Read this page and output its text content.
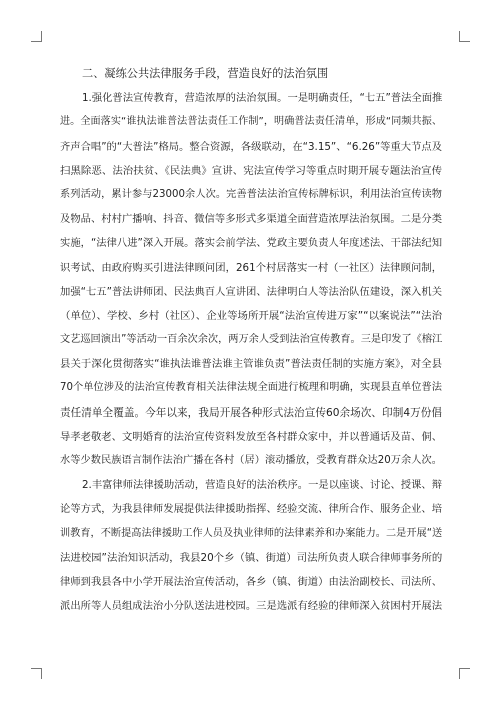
二、凝练公共法律服务手段，营造良好的法治氛围
1.强化普法宣传教育，营造浓厚的法治氛围。一是明确责任，“七五”普法全面推
进。全面落实“谁执法谁普法普法责任工作制”，明确普法责任清单，形成“同频共振、
齐声合唱”的“大普法”格局。整合资源，各级联动，在“3.15”、“6.26”等重大节点及
扫黑除恶、法治扶贫、《民法典》宣讲、宪法宣传学习等重点时期开展专题法治宣传
系列活动，累计参与23000余人次。完善普法法治宣传标牌标识，利用法治宣传读物
及物品、村村广播响、抖音、微信等多形式多渠道全面营造浓厚法治氛围。二是分类
实施，“法律八进”深入开展。落实会前学法、党政主要负责人年度述法、干部法纪知
识考试、由政府购买引进法律顾问团，261个村居落实一村（一社区）法律顾问制，
加强“七五”普法讲师团、民法典百人宣讲团、法律明白人等法治队伍建设，深入机关
（单位）、学校、乡村（社区）、企业等场所开展“法治宣传进万家”“以案说法”“法治
文艺巡回演出”等活动一百余次余次，两万余人受到法治宣传教育。三是印发了《榕江
县关于深化贯彻落实“谁执法谁普法谁主管谁负责”普法责任制的实施方案》，对全县
70个单位涉及的法治宣传教育相关法律法规全面进行梳理和明确，实现县直单位普法
责任清单全覆盖。今年以来，我局开展各种形式法治宣传60余场次、印制4万份倡
导孝老敬老、文明婚育的法治宣传资料发放至各村群众家中，并以普通话及苗、侗、
水等少数民族语言制作法治广播在各村（居）滚动播放，受教育群众达20万余人次。
2.丰富律师法律援助活动，营造良好的法治秩序。一是以座谈、讨论、授课、辩
论等方式，为我县律师发展提供法律援助指挥、经验交流、律所合作、服务企业、培
训教育，不断提高法律援助工作人员及执业律师的法律素养和办案能力。二是开展“送
法进校园”法治知识活动，我县20个乡（镇、街道）司法所负责人联合律师事务所的
律师到我县各中小学开展法治宣传活动，各乡（镇、街道）由法治副校长、司法所、
派出所等人员组成法治小分队送法进校园。三是选派有经验的律师深入贫困村开展法
